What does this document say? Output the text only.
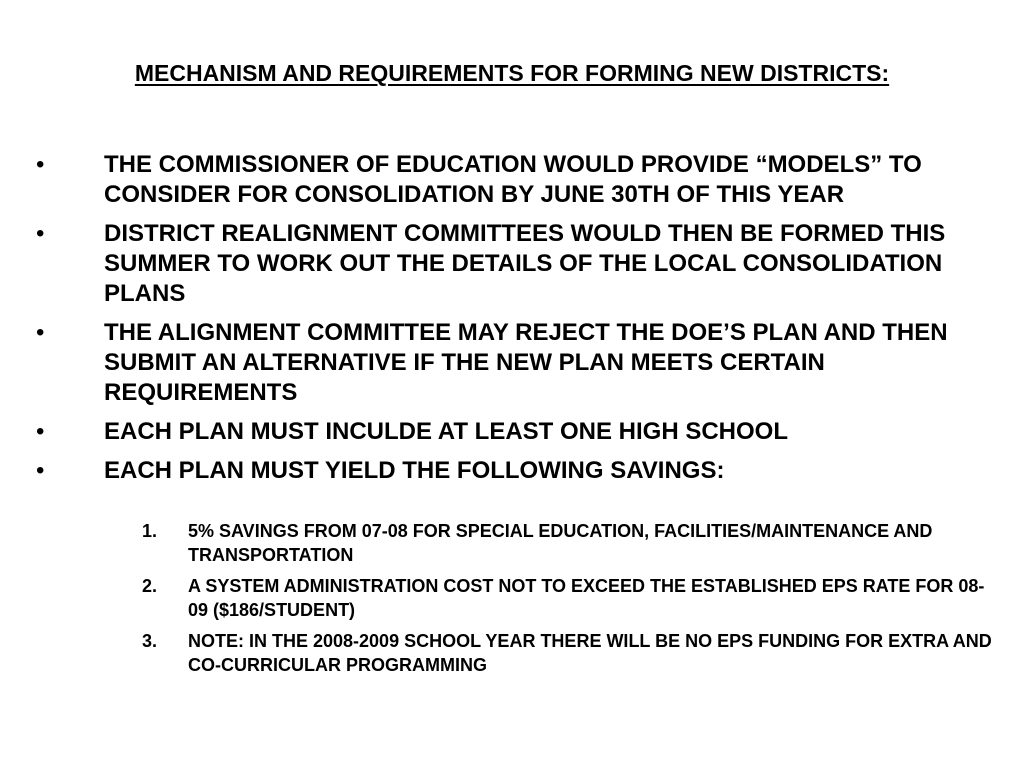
MECHANISM AND REQUIREMENTS FOR FORMING NEW DISTRICTS:
•	THE COMMISSIONER OF EDUCATION WOULD PROVIDE “MODELS” TO CONSIDER FOR CONSOLIDATION BY JUNE 30TH OF THIS YEAR
•	DISTRICT REALIGNMENT COMMITTEES WOULD THEN BE FORMED THIS SUMMER TO WORK OUT THE DETAILS OF THE LOCAL CONSOLIDATION PLANS
•	THE ALIGNMENT COMMITTEE MAY REJECT THE DOE’S PLAN AND THEN SUBMIT AN ALTERNATIVE IF THE NEW PLAN MEETS CERTAIN REQUIREMENTS
•	EACH PLAN MUST INCULDE AT LEAST ONE HIGH SCHOOL
•	EACH PLAN MUST YIELD THE FOLLOWING SAVINGS:
1.	5% SAVINGS FROM 07-08 FOR SPECIAL EDUCATION, FACILITIES/MAINTENANCE AND TRANSPORTATION
2.	A SYSTEM ADMINISTRATION COST NOT TO EXCEED THE ESTABLISHED EPS RATE FOR 08-09 ($186/STUDENT)
3.	NOTE: IN THE 2008-2009 SCHOOL YEAR THERE WILL BE NO EPS FUNDING FOR EXTRA AND CO-CURRICULAR PROGRAMMING
